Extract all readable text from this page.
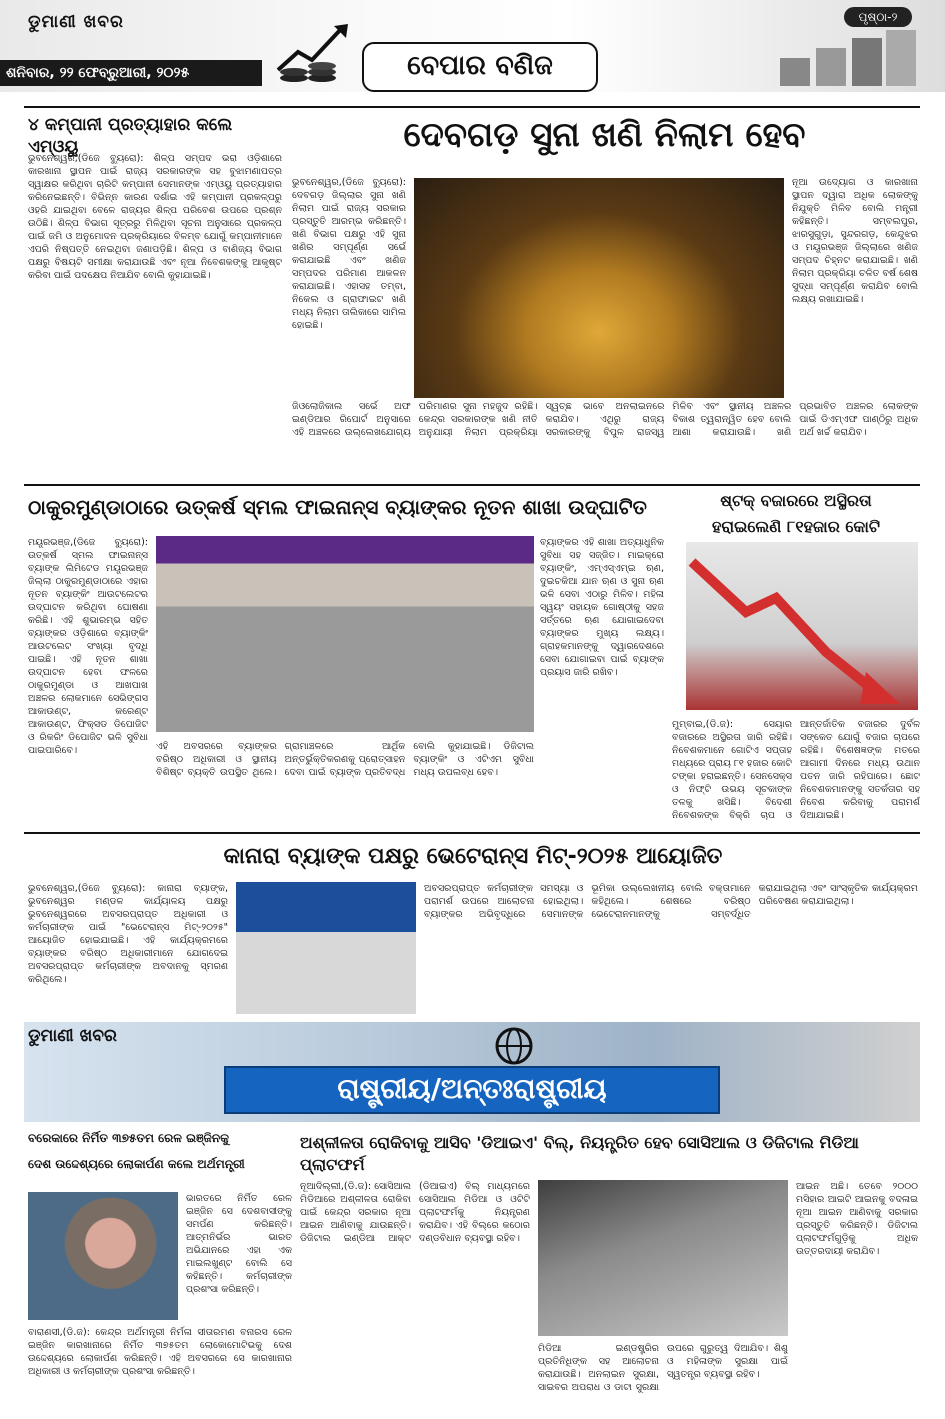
ଡୁମାଣୀ ଖବର
ଶନିବାର, ୨୨ ଫେବ୍ରୁଆରୀ, ୨୦୨୫	ବେପାର ବଣିଜ
ପୃଷ୍ଠା-୨
୪ କମ୍ପାନୀ ପ୍ରତ୍ୟାହାର କଲେ ଏମ୍‌ଓୟୁ
ଭୁବନେଶ୍ୱର,(ଡିଜେ ବ୍ୟୁରୋ): ଶିଳ୍ପ ସମ୍ପଦ ଭରା ଓଡ଼ିଶାରେ କାରଖାନା ସ୍ଥାପନ ପାଇଁ ରାଜ୍ୟ ସରକାରଙ୍କ ସହ ବୁଝାମଣାପତ୍ର ସ୍ୱାକ୍ଷର କରିଥିବା ଚାରିଟି କମ୍ପାନୀ ସେମାନଙ୍କ ଏମ୍‌ଓୟୁ ପ୍ରତ୍ୟାହାର କରିନେଇଛନ୍ତି। ବିଭିନ୍ନ କାରଣ ଦର୍ଶାଇ ଏହି କମ୍ପାନୀ ପ୍ରକଳ୍ପରୁ ଓହରି ଯାଇଥିବା ବେଳେ ରାଜ୍ୟର ଶିଳ୍ପ ପରିବେଶ ଉପରେ ପ୍ରଶ୍ନ ଉଠିଛି। ଶିଳ୍ପ ବିଭାଗ ସୂତ୍ରରୁ ମିଳିଥିବା ସୂଚନା ଅନୁସାରେ ପ୍ରକଳ୍ପ ପାଇଁ ଜମି ଓ ଅନୁମୋଦନ ପ୍ରକ୍ରିୟାରେ ବିଳମ୍ବ ଯୋଗୁଁ କମ୍ପାନୀମାନେ ଏପରି ନିଷ୍ପତ୍ତି ନେଇଥିବା ଜଣାପଡ଼ିଛି। ଶିଳ୍ପ ଓ ବାଣିଜ୍ୟ ବିଭାଗ ପକ୍ଷରୁ ବିଷୟଟି ସମୀକ୍ଷା କରାଯାଉଛି ଏବଂ ନୂଆ ନିବେଶକଙ୍କୁ ଆକୃଷ୍ଟ କରିବା ପାଇଁ ପଦକ୍ଷେପ ନିଆଯିବ ବୋଲି କୁହାଯାଇଛି।
ଦେବଗଡ଼ ସୁନା ଖଣି ନିଲାମ ହେବ
ଭୁବନେଶ୍ୱର,(ଡିଜେ ବ୍ୟୁରୋ): ଦେବଗଡ଼ ଜିଲ୍ଲାର ସୁନା ଖଣି ନିଲାମ ପାଇଁ ରାଜ୍ୟ ସରକାର ପ୍ରସ୍ତୁତି ଆରମ୍ଭ କରିଛନ୍ତି। ଖଣି ବିଭାଗ ପକ୍ଷରୁ ଏହି ସୁନା ଖଣିର ସମ୍ପୂର୍ଣ୍ଣ ସର୍ଭେ କରାଯାଇଛି ଏବଂ ଖଣିଜ ସମ୍ପଦର ପରିମାଣ ଆକଳନ କରାଯାଇଛି। ଏହାସହ ତମ୍ବା, ନିକେଲ ଓ ଗ୍ରାଫାଇଟ ଖଣି ମଧ୍ୟ ନିଲାମ ତାଲିକାରେ ସାମିଲ ହୋଇଛି।
ନୂଆ ଉଦ୍ୟୋଗ ଓ କାରଖାନା ସ୍ଥାପନ ଦ୍ୱାରା ଅଧିକ ଲୋକଙ୍କୁ ନିଯୁକ୍ତି ମିଳିବ ବୋଲି ମନ୍ତ୍ରୀ କହିଛନ୍ତି। ସମ୍ବଲପୁର, ଝାରସୁଗୁଡ଼ା, ସୁନ୍ଦରଗଡ଼, କେନ୍ଦୁଝର ଓ ମୟୂରଭଞ୍ଜ ଜିଲ୍ଲାରେ ଖଣିଜ ସମ୍ପଦ ଚିହ୍ନଟ କରାଯାଇଛି। ଖଣି ନିଲାମ ପ୍ରକ୍ରିୟା ଚଳିତ ବର୍ଷ ଶେଷ ସୁଦ୍ଧା ସମ୍ପୂର୍ଣ୍ଣ କରାଯିବ ବୋଲି ଲକ୍ଷ୍ୟ ରଖାଯାଇଛି।
ଜିଓଲୋଜିକାଲ ସର୍ଭେ ଅଫ ଇଣ୍ଡିଆର ରିପୋର୍ଟ ଅନୁସାରେ ଏହି ଅଞ୍ଚଳରେ ଉଲ୍ଲେଖଯୋଗ୍ୟ ପରିମାଣର ସୁନା ମହଜୁଦ ରହିଛି। କେନ୍ଦ୍ର ସରକାରଙ୍କ ଖଣି ନୀତି ଅନୁଯାୟୀ ନିଲାମ ପ୍ରକ୍ରିୟା ସ୍ୱଚ୍ଛ ଭାବେ ଅନଲାଇନରେ କରାଯିବ। ଏଥିରୁ ରାଜ୍ୟ ସରକାରଙ୍କୁ ବିପୁଳ ରାଜସ୍ୱ ମିଳିବ ଏବଂ ସ୍ଥାନୀୟ ଅଞ୍ଚଳର ବିକାଶ ତ୍ୱରାନ୍ୱିତ ହେବ ବୋଲି ଆଶା କରାଯାଉଛି। ଖଣି ପ୍ରଭାବିତ ଅଞ୍ଚଳର ଲୋକଙ୍କ ପାଇଁ ଡିଏମ୍‌ଏଫ ପାଣ୍ଠିରୁ ଅଧିକ ଅର୍ଥ ଖର୍ଚ୍ଚ କରାଯିବ।
ଠାକୁରମୁଣ୍ଡାଠାରେ ଉତ୍କର୍ଷ ସ୍ମଲ ଫାଇନାନ୍ସ ବ୍ୟାଙ୍କର ନୂତନ ଶାଖା ଉଦ୍‌ଘାଟିତ
ମୟୂରଭଞ୍ଜ,(ଡିଜେ ବ୍ୟୁରୋ): ଉତ୍କର୍ଷ ସ୍ମଲ ଫାଇନାନ୍ସ ବ୍ୟାଙ୍କ ଲିମିଟେଡ ମୟୂରଭଞ୍ଜ ଜିଲ୍ଲା ଠାକୁରମୁଣ୍ଡାଠାରେ ଏହାର ନୂତନ ବ୍ୟାଙ୍କିଂ ଆଉଟଲେଟର ଉଦ୍‌ଘାଟନ କରିଥିବା ଘୋଷଣା କରିଛି। ଏହି ଶୁଭାରମ୍ଭ ସହିତ ବ୍ୟାଙ୍କର ଓଡ଼ିଶାରେ ବ୍ୟାଙ୍କିଂ ଆଉଟଲେଟ ସଂଖ୍ୟା ବୃଦ୍ଧି ପାଇଛି। ଏହି ନୂତନ ଶାଖା ଉଦ୍‌ଘାଟନ ହେବା ଫଳରେ ଠାକୁରମୁଣ୍ଡା ଓ ଆଖପାଖ ଅଞ୍ଚଳର ଲୋକମାନେ ସେଭିଙ୍ଗସ ଆକାଉଣ୍ଟ, କରେଣ୍ଟ ଆକାଉଣ୍ଟ, ଫିକ୍ସଡ ଡିପୋଜିଟ ଓ ରିକରିଂ ଡିପୋଜିଟ ଭଳି ସୁବିଧା ପାଇପାରିବେ।	ଏହି ଅବସରରେ ବ୍ୟାଙ୍କର ବରିଷ୍ଠ ଅଧିକାରୀ ଓ ସ୍ଥାନୀୟ ବିଶିଷ୍ଟ ବ୍ୟକ୍ତି ଉପସ୍ଥିତ ଥିଲେ। ଗ୍ରାମାଞ୍ଚଳରେ ଆର୍ଥିକ ଅନ୍ତର୍ଭୁକ୍ତିକରଣକୁ ପ୍ରୋତ୍ସାହନ ଦେବା ପାଇଁ ବ୍ୟାଙ୍କ ପ୍ରତିବଦ୍ଧ ବୋଲି କୁହାଯାଇଛି। ଡିଜିଟାଲ ବ୍ୟାଙ୍କିଂ ଓ ଏଟିଏମ ସୁବିଧା ମଧ୍ୟ ଉପଲବ୍ଧ ହେବ।
ବ୍ୟାଙ୍କର ଏହି ଶାଖା ଅତ୍ୟାଧୁନିକ ସୁବିଧା ସହ ସଜ୍ଜିତ। ମାଇକ୍ରୋ ବ୍ୟାଙ୍କିଂ, ଏମ୍‌ଏସ୍‌ଏମ୍‌ଇ ଋଣ, ଦୁଇଚକିଆ ଯାନ ଋଣ ଓ ସୁନା ଋଣ ଭଳି ସେବା ଏଠାରୁ ମିଳିବ। ମହିଳା ସ୍ୱୟଂ ସହାୟକ ଗୋଷ୍ଠୀକୁ ସହଜ ସର୍ତ୍ତରେ ଋଣ ଯୋଗାଇଦେବା ବ୍ୟାଙ୍କର ମୁଖ୍ୟ ଲକ୍ଷ୍ୟ। ଗ୍ରାହକମାନଙ୍କୁ ଦ୍ୱାରଦେଶରେ ସେବା ଯୋଗାଇବା ପାଇଁ ବ୍ୟାଙ୍କ ପ୍ରୟାସ ଜାରି ରଖିବ।
ଷ୍ଟକ୍ ବଜାରରେ ଅସ୍ଥିରତା
ହରାଇଲେଣି ୮୧ହଜାର କୋଟି
ମୁମ୍ବାଇ,(ଡି.ଜ): ସେୟାର ବଜାରରେ ଅସ୍ଥିରତା ଜାରି ରହିଛି। ନିବେଶକମାନେ ଗୋଟିଏ ସପ୍ତାହ ମଧ୍ୟରେ ପ୍ରାୟ ୮୧ ହଜାର କୋଟି ଟଙ୍କା ହରାଇଛନ୍ତି। ସେନସେକ୍ସ ଓ ନିଫ୍ଟି ଉଭୟ ସୂଚକାଙ୍କ ତଳକୁ ଖସିଛି। ବିଦେଶୀ ନିବେଶକଙ୍କ ବିକ୍ରି ଚାପ ଓ ଆନ୍ତର୍ଜାତିକ ବଜାରର ଦୁର୍ବଳ ସଙ୍କେତ ଯୋଗୁଁ ବଜାର ଚାପରେ ରହିଛି। ବିଶେଷଜ୍ଞଙ୍କ ମତରେ ଆଗାମୀ ଦିନରେ ମଧ୍ୟ ଉଥାନ ପତନ ଜାରି ରହିପାରେ। ଛୋଟ ନିବେଶକମାନଙ୍କୁ ସତର୍କତାର ସହ ନିବେଶ କରିବାକୁ ପରାମର୍ଶ ଦିଆଯାଇଛି।
କାନାରା ବ୍ୟାଙ୍କ ପକ୍ଷରୁ ଭେଟେରାନ୍ସ ମିଟ୍-୨୦୨୫ ଆୟୋଜିତ
ଭୁବନେଶ୍ୱର,(ଡିଜେ ବ୍ୟୁରୋ): କାନାରା ବ୍ୟାଙ୍କ, ଭୁବନେଶ୍ୱର ମଣ୍ଡଳ କାର୍ଯ୍ୟାଳୟ ପକ୍ଷରୁ ଭୁବନେଶ୍ୱରରେ ଅବସରପ୍ରାପ୍ତ ଅଧିକାରୀ ଓ କର୍ମଚାରୀଙ୍କ ପାଇଁ "ଭେଟେରାନ୍ସ ମିଟ୍-୨୦୨୫" ଆୟୋଜିତ ହୋଇଯାଇଛି। ଏହି କାର୍ଯ୍ୟକ୍ରମରେ ବ୍ୟାଙ୍କର ବରିଷ୍ଠ ଅଧିକାରୀମାନେ ଯୋଗଦେଇ ଅବସରପ୍ରାପ୍ତ କର୍ମଚାରୀଙ୍କ ଅବଦାନକୁ ସ୍ମରଣ କରିଥିଲେ।
ଅବସରପ୍ରାପ୍ତ କର୍ମଚାରୀଙ୍କ ସମସ୍ୟା ଓ ପରାମର୍ଶ ଉପରେ ଆଲୋଚନା ହୋଇଥିଲା। ବ୍ୟାଙ୍କର ଅଭିବୃଦ୍ଧିରେ ସେମାନଙ୍କ ଭୂମିକା ଉଲ୍ଲେଖନୀୟ ବୋଲି ବକ୍ତାମାନେ କହିଥିଲେ। ଶେଷରେ ବରିଷ୍ଠ ଭେଟେରାନମାନଙ୍କୁ ସମ୍ବର୍ଦ୍ଧିତ କରାଯାଇଥିଲା ଏବଂ ସାଂସ୍କୃତିକ କାର୍ଯ୍ୟକ୍ରମ ପରିବେଷଣ କରାଯାଇଥିଲା।
ଡୁମାଣୀ ଖବର
ରାଷ୍ଟ୍ରୀୟ/ଅନ୍ତଃରାଷ୍ଟ୍ରୀୟ
ବରେକାରେ ନିର୍ମିତ ୩୭୫ତମ ରେଳ ଇଞ୍ଜିନକୁ
ଦେଶ ଉଦ୍ଦେଶ୍ୟରେ ଲୋକାର୍ପଣ କଲେ ଅର୍ଥମନ୍ତ୍ରୀ
ଭାରତରେ ନିର୍ମିତ ରେଳ ଇଞ୍ଜିନ ସେ ଦେଶବାସୀଙ୍କୁ ସମର୍ପଣ କରିଛନ୍ତି। ଆତ୍ମନିର୍ଭର ଭାରତ ଅଭିଯାନରେ ଏହା ଏକ ମାଇଲଖୁଣ୍ଟ ବୋଲି ସେ କହିଛନ୍ତି। କର୍ମଚାରୀଙ୍କ ପ୍ରଶଂସା କରିଛନ୍ତି।
ବାରାଣସୀ,(ଡି.ଜ): କେନ୍ଦ୍ର ଅର୍ଥମନ୍ତ୍ରୀ ନିର୍ମଳା ସୀତାରମଣ ବନାରସ ରେଳ ଇଞ୍ଜିନ କାରଖାନାରେ ନିର୍ମିତ ୩୭୫ତମ ଲୋକୋମୋଟିଭକୁ ଦେଶ ଉଦ୍ଦେଶ୍ୟରେ ଲୋକାର୍ପଣ କରିଛନ୍ତି। ଏହି ଅବସରରେ ସେ କାରଖାନାର ଅଧିକାରୀ ଓ କର୍ମଚାରୀଙ୍କ ପ୍ରଶଂସା କରିଛନ୍ତି।
ଅଶ୍ଳୀଳତା ରୋକିବାକୁ ଆସିବ 'ଡିଆଇଏ' ବିଲ୍, ନିୟନ୍ତ୍ରିତ ହେବ ସୋସିଆଲ ଓ ଡିଜିଟାଲ ମିଡିଆ ପ୍ଲାଟଫର୍ମ
ନୂଆଦିଲ୍ଲୀ,(ଡି.ଜ): ସୋସିଆଲ ମିଡିଆରେ ଅଶ୍ଳୀଳତା ରୋକିବା ପାଇଁ କେନ୍ଦ୍ର ସରକାର ନୂଆ ଆଇନ ଆଣିବାକୁ ଯାଉଛନ୍ତି। ଡିଜିଟାଲ ଇଣ୍ଡିଆ ଆକ୍ଟ (ଡିଆଇଏ) ବିଲ୍ ମାଧ୍ୟମରେ ସୋସିଆଲ ମିଡିଆ ଓ ଓଟିଟି ପ୍ଲାଟଫର୍ମକୁ ନିୟନ୍ତ୍ରଣ କରାଯିବ। ଏହି ବିଲ୍‌ରେ କଠୋର ଦଣ୍ଡବିଧାନ ବ୍ୟବସ୍ଥା ରହିବ।
ମିଡିଆ ଇଣ୍ଡଷ୍ଟ୍ରିର ପ୍ରତିନିଧିଙ୍କ ସହ ଆଲୋଚନା କରାଯାଉଛି। ଅନଲାଇନ ସୁରକ୍ଷା, ସାଇବର ଅପରାଧ ଓ ଡାଟା ସୁରକ୍ଷା ଉପରେ ଗୁରୁତ୍ୱ ଦିଆଯିବ। ଶିଶୁ ଓ ମହିଳାଙ୍କ ସୁରକ୍ଷା ପାଇଁ ସ୍ୱତନ୍ତ୍ର ବ୍ୟବସ୍ଥା ରହିବ।
ଆଇନ ଅଛି। ତେବେ ୨୦୦୦ ମସିହାର ଆଇଟି ଆଇନକୁ ବଦଳାଇ ନୂଆ ଆଇନ ଆଣିବାକୁ ସରକାର ପ୍ରସ୍ତୁତି କରିଛନ୍ତି। ଡିଜିଟାଲ ପ୍ଲାଟଫର୍ମଗୁଡ଼ିକୁ ଅଧିକ ଉତ୍ତରଦାୟୀ କରାଯିବ।
